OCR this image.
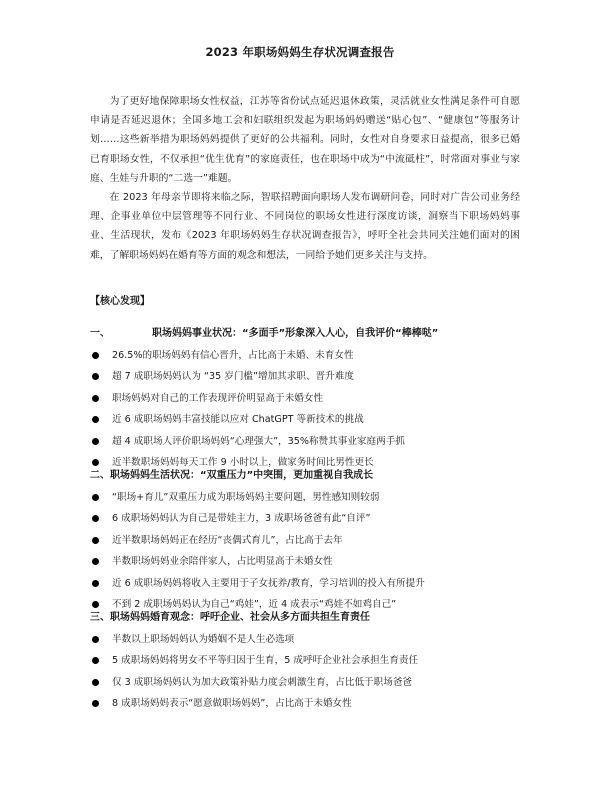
2023 年职场妈妈生存状况调查报告

为了更好地保障职场女性权益，江苏等省份试点延迟退休政策，灵活就业女性满足条件可自愿申请是否延迟退休；全国多地工会和妇联组织发起为职场妈妈赠送“贴心包”、“健康包”等服务计划……这些新举措为职场妈妈提供了更好的公共福利。同时，女性对自身要求日益提高，很多已婚已育职场女性，不仅承担“优生优育”的家庭责任，也在职场中成为“中流砥柱”，时常面对事业与家庭、生娃与升职的“二选一”难题。

在 2023 年母亲节即将来临之际，智联招聘面向职场人发布调研问卷，同时对广告公司业务经理、企事业单位中层管理等不同行业、不同岗位的职场女性进行深度访谈，洞察当下职场妈妈事业、生活现状，发布《2023 年职场妈妈生存状况调查报告》，呼吁全社会共同关注她们面对的困难，了解职场妈妈在婚育等方面的观念和想法，一同给予她们更多关注与支持。

【核心发现】
一、	职场妈妈事业状况：“多面手”形象深入人心，自我评价“棒棒哒”
26.5%的职场妈妈有信心晋升，占比高于未婚、未育女性
超 7 成职场妈妈认为 “35 岁门槛”增加其求职、晋升难度
职场妈妈对自己的工作表现评价明显高于未婚女性
近 6 成职场妈妈丰富技能以应对 ChatGPT 等新技术的挑战
超 4 成职场人评价职场妈妈“心理强大”，35%称赞其事业家庭两手抓
近半数职场妈妈每天工作 9 小时以上，做家务时间比男性更长
二、职场妈妈生活状况：“双重压力”中突围，更加重视自我成长
“职场+育儿”双重压力成为职场妈妈主要问题，男性感知则较弱
6 成职场妈妈认为自己是带娃主力，3 成职场爸爸有此“自评”
近半数职场妈妈正在经历“丧偶式育儿”，占比高于去年
半数职场妈妈业余陪伴家人，占比明显高于未婚女性
近 6 成职场妈妈将收入主要用于子女抚养/教育，学习培训的投入有所提升
不到 2 成职场妈妈认为自己“鸡娃”，近 4 成表示“鸡娃不如鸡自己”
三、职场妈妈婚育观念：呼吁企业、社会从多方面共担生育责任
半数以上职场妈妈认为婚姻不是人生必选项
5 成职场妈妈将男女不平等归因于生育，5 成呼吁企业社会承担生育责任
仅 3 成职场妈妈认为加大政策补贴力度会刺激生育，占比低于职场爸爸
8 成职场妈妈表示“愿意做职场妈妈”，占比高于未婚女性
